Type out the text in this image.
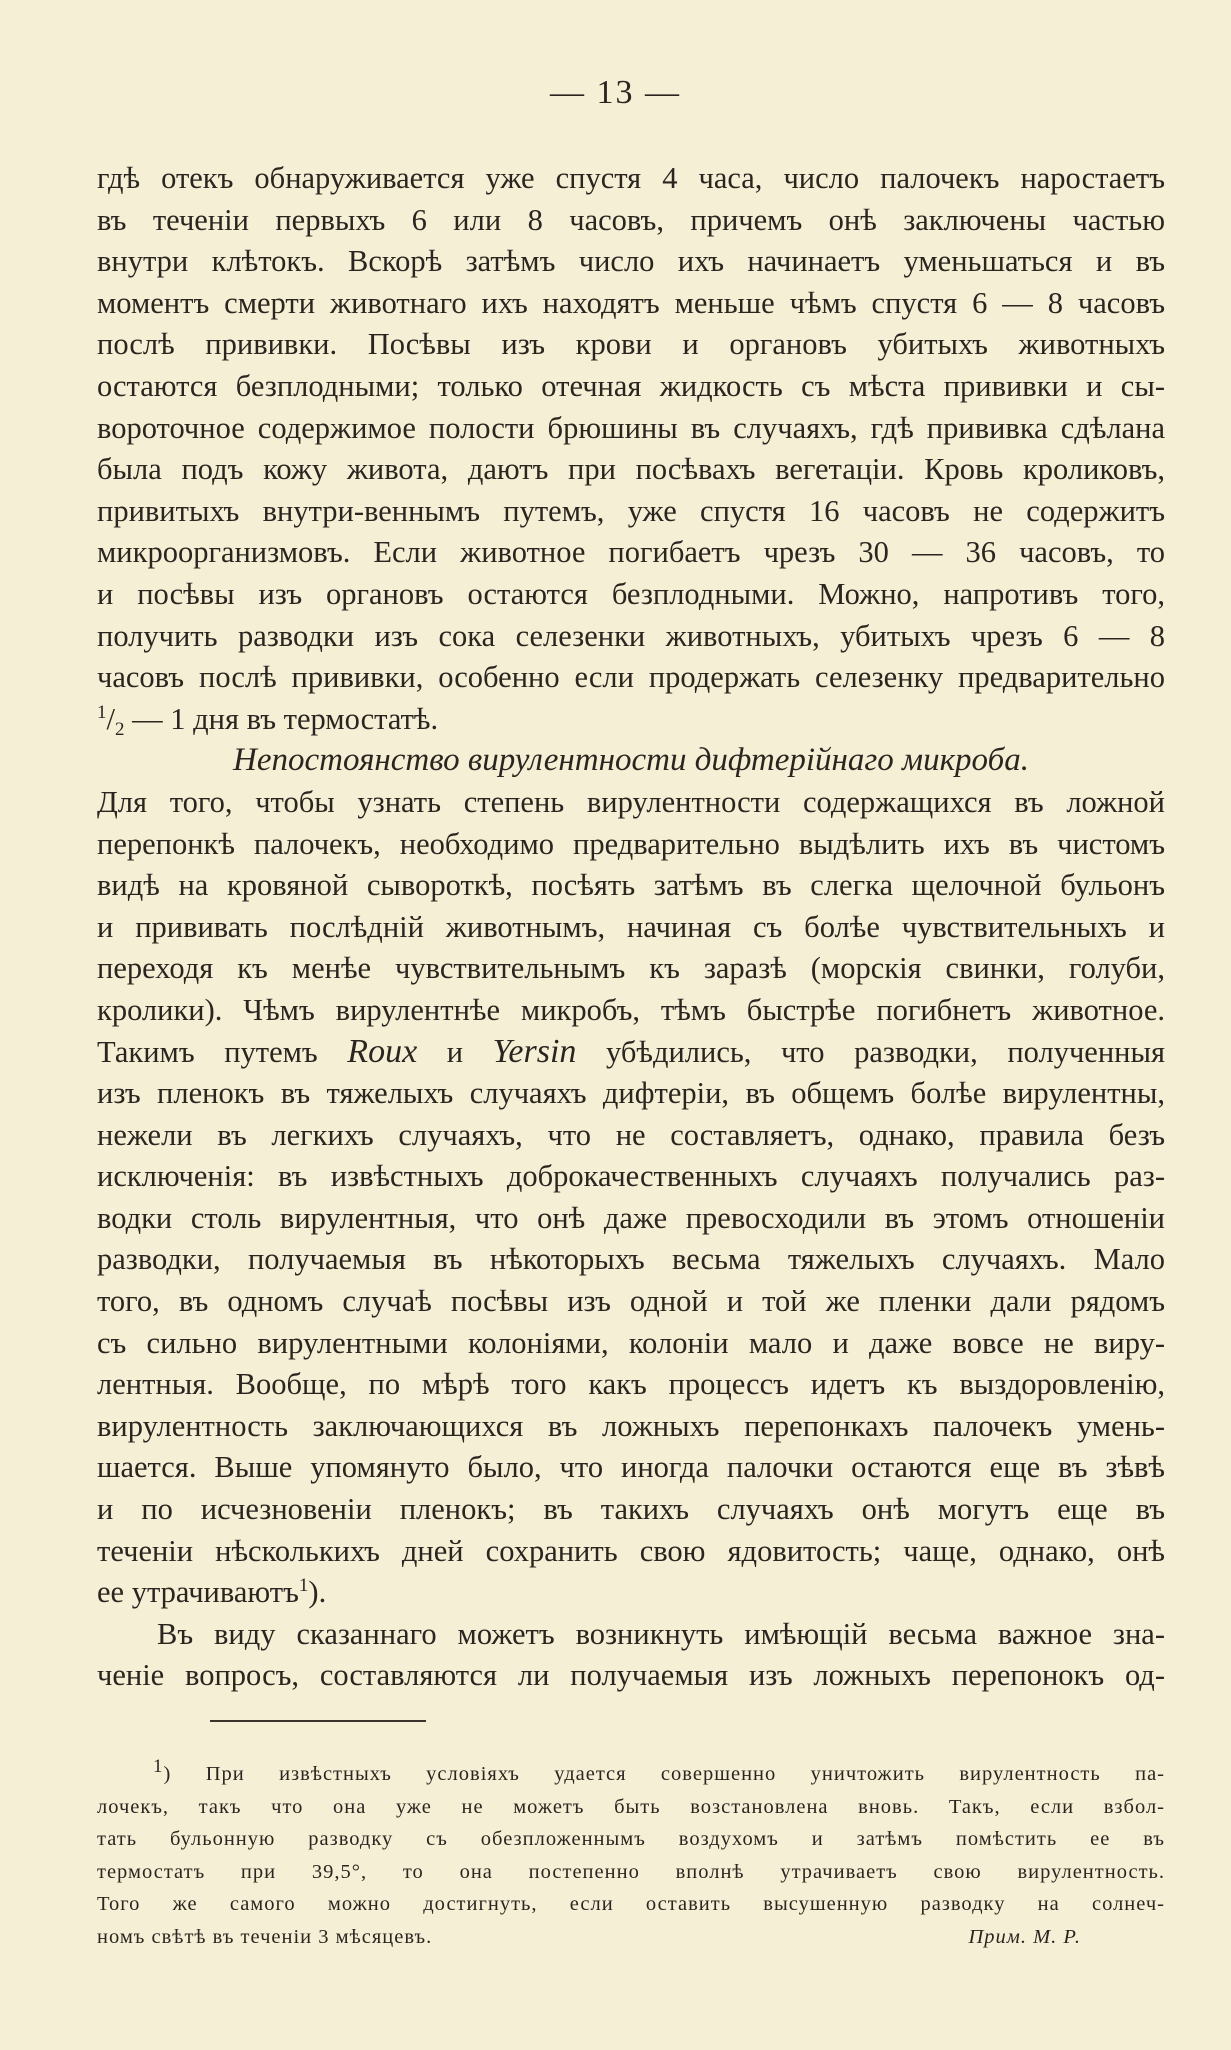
— 13 —
гдѣ отекъ обнаруживается уже спустя 4 часа, число палочекъ наростаетъ
въ теченіи первыхъ 6 или 8 часовъ, причемъ онѣ заключены частью
внутри клѣтокъ. Вскорѣ затѣмъ число ихъ начинаетъ уменьшаться и въ
моментъ смерти животнаго ихъ находятъ меньше чѣмъ спустя 6 — 8 часовъ
послѣ прививки. Посѣвы изъ крови и органовъ убитыхъ животныхъ
остаются безплодными; только отечная жидкость съ мѣста прививки и сы-
вороточное содержимое полости брюшины въ случаяхъ, гдѣ прививка сдѣлана
была подъ кожу живота, даютъ при посѣвахъ вегетаціи. Кровь кроликовъ,
привитыхъ внутри-веннымъ путемъ, уже спустя 16 часовъ не содержитъ
микроорганизмовъ. Если животное погибаетъ чрезъ 30 — 36 часовъ, то
и посѣвы изъ органовъ остаются безплодными. Можно, напротивъ того,
получить разводки изъ сока селезенки животныхъ, убитыхъ чрезъ 6 — 8
часовъ послѣ прививки, особенно если продержать селезенку предварительно
$^1/_2$ — 1 дня въ термостатѣ.
Непостоянство вирулентности дифтерійнаго микроба.
Для того, чтобы узнать степень вирулентности содержащихся въ ложной
перепонкѣ палочекъ, необходимо предварительно выдѣлить ихъ въ чистомъ
видѣ на кровяной сывороткѣ, посѣять затѣмъ въ слегка щелочной бульонъ
и прививать послѣдній животнымъ, начиная съ болѣе чувствительныхъ и
переходя къ менѣе чувствительнымъ къ заразѣ (морскія свинки, голуби,
кролики). Чѣмъ вирулентнѣе микробъ, тѣмъ быстрѣе погибнетъ животное.
Такимъ путемъ Roux и Yersin убѣдились, что разводки, полученныя
изъ пленокъ въ тяжелыхъ случаяхъ дифтеріи, въ общемъ болѣе вирулентны,
нежели въ легкихъ случаяхъ, что не составляетъ, однако, правила безъ
исключенія: въ извѣстныхъ доброкачественныхъ случаяхъ получались раз-
водки столь вирулентныя, что онѣ даже превосходили въ этомъ отношеніи
разводки, получаемыя въ нѣкоторыхъ весьма тяжелыхъ случаяхъ. Мало
того, въ одномъ случаѣ посѣвы изъ одной и той же пленки дали рядомъ
съ сильно вирулентными колоніями, колоніи мало и даже вовсе не виру-
лентныя. Вообще, по мѣрѣ того какъ процессъ идетъ къ выздоровленію,
вирулентность заключающихся въ ложныхъ перепонкахъ палочекъ умень-
шается. Выше упомянуто было, что иногда палочки остаются еще въ зѣвѣ
и по исчезновеніи пленокъ; въ такихъ случаяхъ онѣ могутъ еще въ
теченіи нѣсколькихъ дней сохранить свою ядовитость; чаще, однако, онѣ
ее утрачиваютъ$^1$).
Въ виду сказаннаго можетъ возникнуть имѣющій весьма важное зна-
ченіе вопросъ, составляются ли получаемыя изъ ложныхъ перепонокъ од-
$^1$) При извѣстныхъ условіяхъ удается совершенно уничтожить вирулентность па-
лочекъ, такъ что она уже не можетъ быть возстановлена вновь. Такъ, если взбол-
тать бульонную разводку съ обезпложеннымъ воздухомъ и затѣмъ помѣстить ее въ
термостатъ при 39,5°, то она постепенно вполнѣ утрачиваетъ свою вирулентность.
Того же самого можно достигнуть, если оставить высушенную разводку на солнеч-
номъ свѣтѣ въ теченіи 3 мѣсяцевъ.	Прим. М. Р.
